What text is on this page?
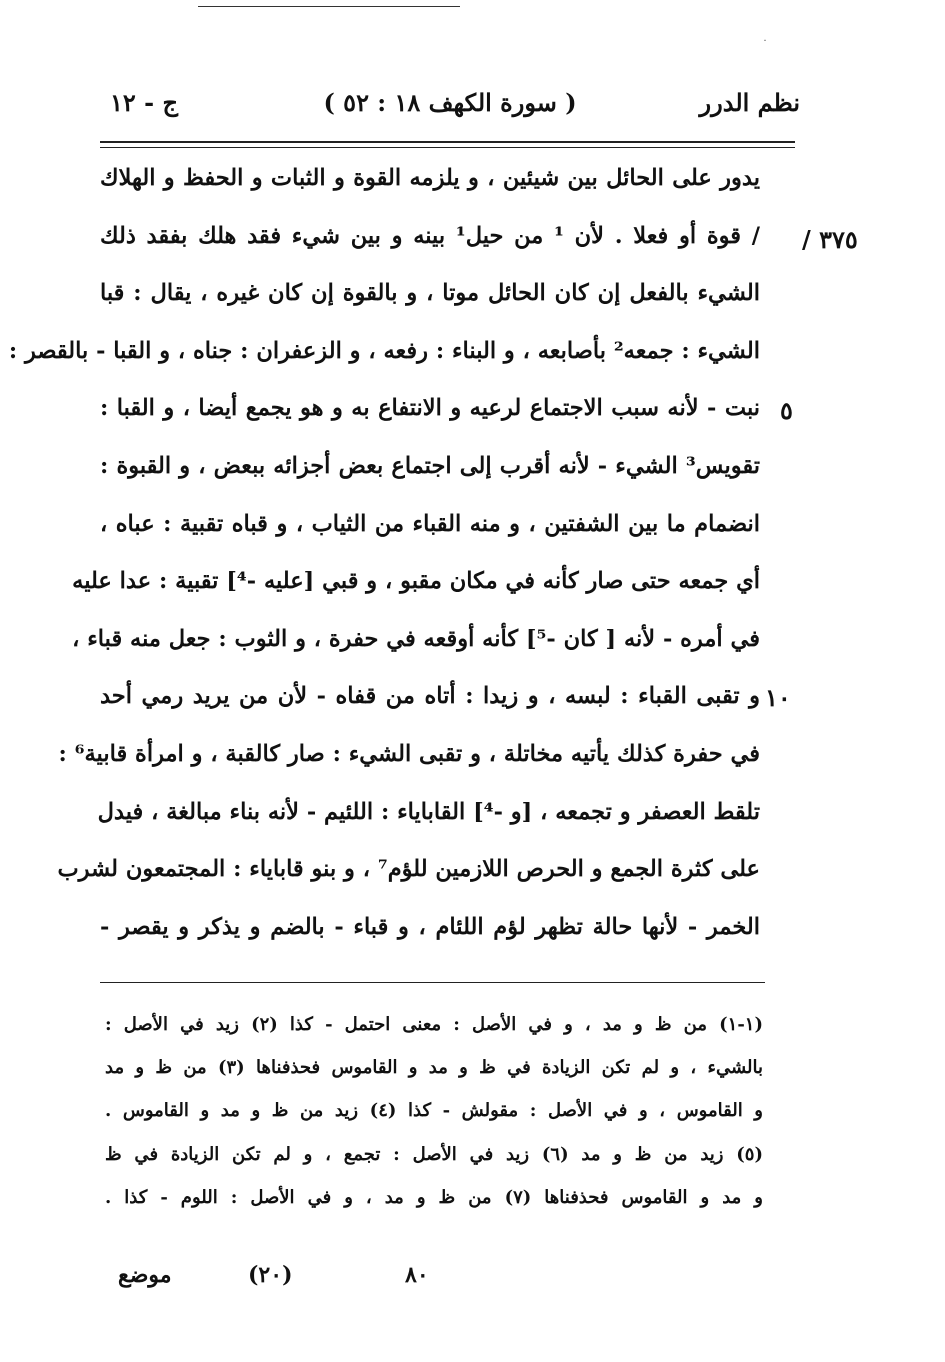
˙
نظم الدرر
( سورة الكهف ١٨ : ٥٢ )
ج - ١٢
٣٧٥ /
٥
١٠
يدور على الحائل بين شيئين ، و يلزمه القوة و الثبات و الحفظ و الهلاك
/ قوة أو فعلا . لأن ¹ من حيل¹ بينه و بين شيء فقد هلك بفقد ذلك
الشيء بالفعل إن كان الحائل موتا ، و بالقوة إن كان غيره ، يقال : قبا
الشيء : جمعه² بأصابعه ، و البناء : رفعه ، و الزعفران : جناه ، و القبا - بالقصر :
نبت - لأنه سبب الاجتماع لرعيه و الانتفاع به و هو يجمع أيضا ، و القبا :
تقويس³ الشيء - لأنه أقرب إلى اجتماع بعض أجزائه ببعض ، و القبوة :
انضمام ما بين الشفتين ، و منه القباء من الثياب ، و قباه تقبية : عباه ،
أي جمعه حتى صار كأنه في مكان مقبو ، و قبي [عليه -⁴] تقبية : عدا عليه
في أمره - لأنه [ كان -⁵] كأنه أوقعه في حفرة ، و الثوب : جعل منه قباء ،
و تقبى القباء : لبسه ، و زيدا : أتاه من قفاه - لأن من يريد رمي أحد
في حفرة كذلك يأتيه مخاتلة ، و تقبى الشيء : صار كالقبة ، و امرأة قابية⁶ :
تلقط العصفر و تجمعه ، [و -⁴] القاباياء : اللئيم - لأنه بناء مبالغة ، فيدل
على كثرة الجمع و الحرص اللازمين للؤم⁷ ، و بنو قاباياء : المجتمعون لشرب
الخمر - لأنها حالة تظهر لؤم اللئام ، و قباء - بالضم و يذكر و يقصر -
(١-١) من ظ و مد ، و في الأصل : معنى احتمل - كذا (٢) زيد في الأصل :
بالشيء ، و لم تكن الزيادة في ظ و مد و القاموس فحذفناها (٣) من ظ و مد
و القاموس ، و في الأصل : مقولش - كذا (٤) زيد من ظ و مد و القاموس .
(٥) زيد من ظ و مد (٦) زيد في الأصل : تجمع ، و لم تكن الزيادة في ظ
و مد و القاموس فحذفناها (٧) من ظ و مد ، و في الأصل : اللوم - كذا .
٨٠
(٢٠)
موضع
